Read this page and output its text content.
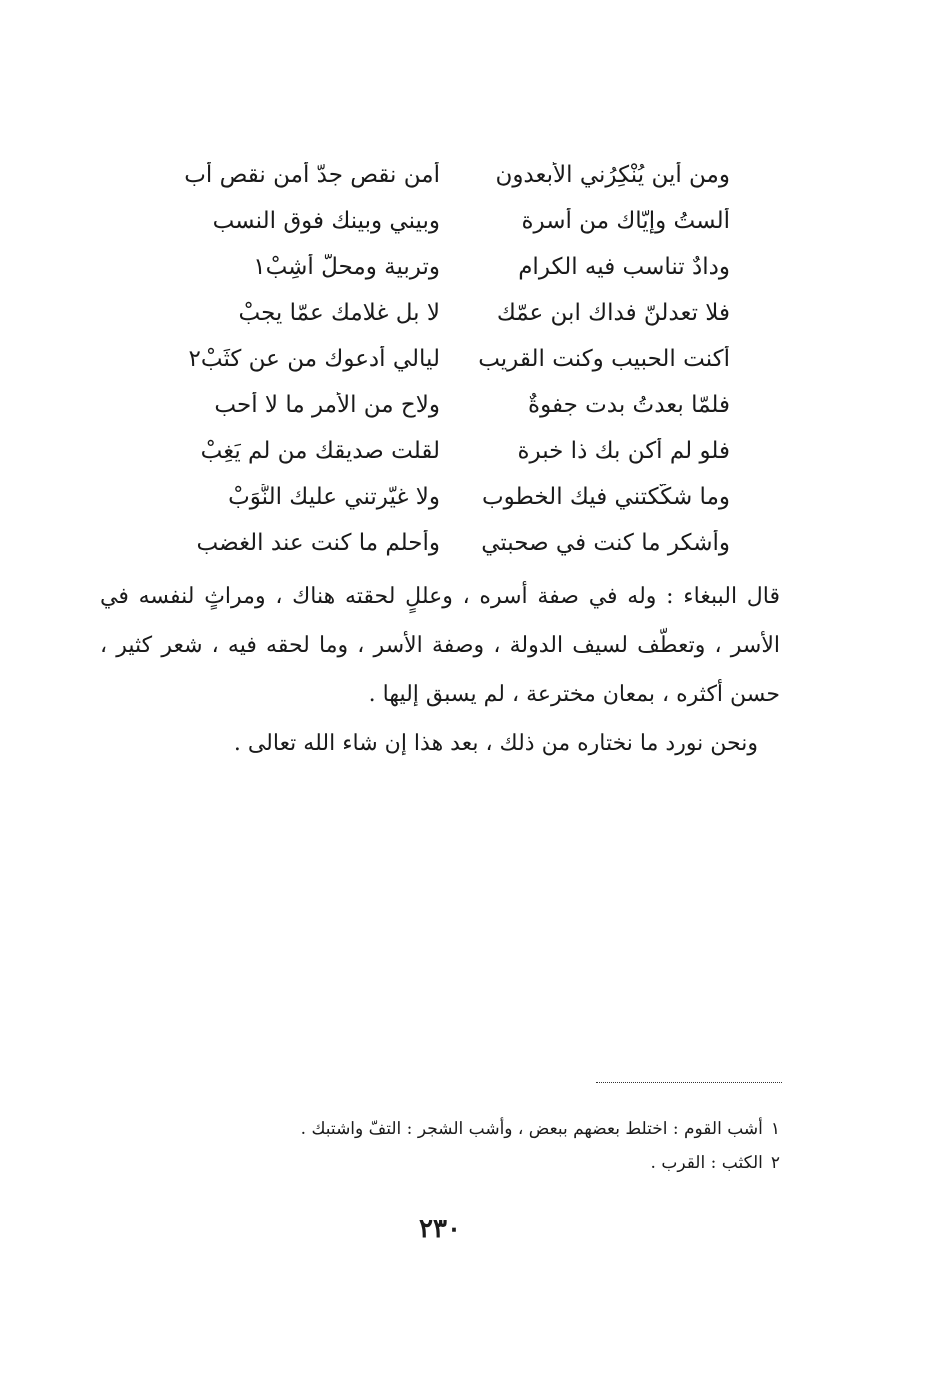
ومن أين يُنْكِرُني الأبعدون
أمن نقص جدّ أمن نقص أب
ألستُ وإيّاك من أسرة
وبيني وبينك فوق النسب
ودادٌ تناسب فيه الكرام
وتربية ومحلّ أشِبْ١
فلا تعدلنّ فداك ابن عمّك
لا بل غلامك عمّا يجبْ
أكنت الحبيب وكنت القريب
ليالي أدعوك من عن كثَبْ٢
فلمّا بعدتُ بدت جفوةٌ
ولاح من الأمر ما لا أُحب
فلو لم أكن بك ذا خبرة
لقلت صديقك من لم يَغِبْ
وما شكّكتني فيك الخطوب
ولا غيّرتني عليك النُّوَبْ
وأشكر ما كنت في صحبتي
وأحلم ما كنت عند الغضب

قال الببغاء : وله في صفة أسره ، وعللٍ لحقته هناك ، ومراثٍ لنفسه في الأسر ، وتعطّف لسيف الدولة ، وصفة الأسر ، وما لحقه فيه ، شعر كثير ، حسن أكثره ، بمعان مخترعة ، لم يسبق إليها .

ونحن نورد ما نختاره من ذلك ، بعد هذا إن شاء الله تعالى .

١أشب القوم : اختلط بعضهم ببعض ، وأشب الشجر : التفّ واشتبك .
٢الكثب : القرب .
٢٣٠
